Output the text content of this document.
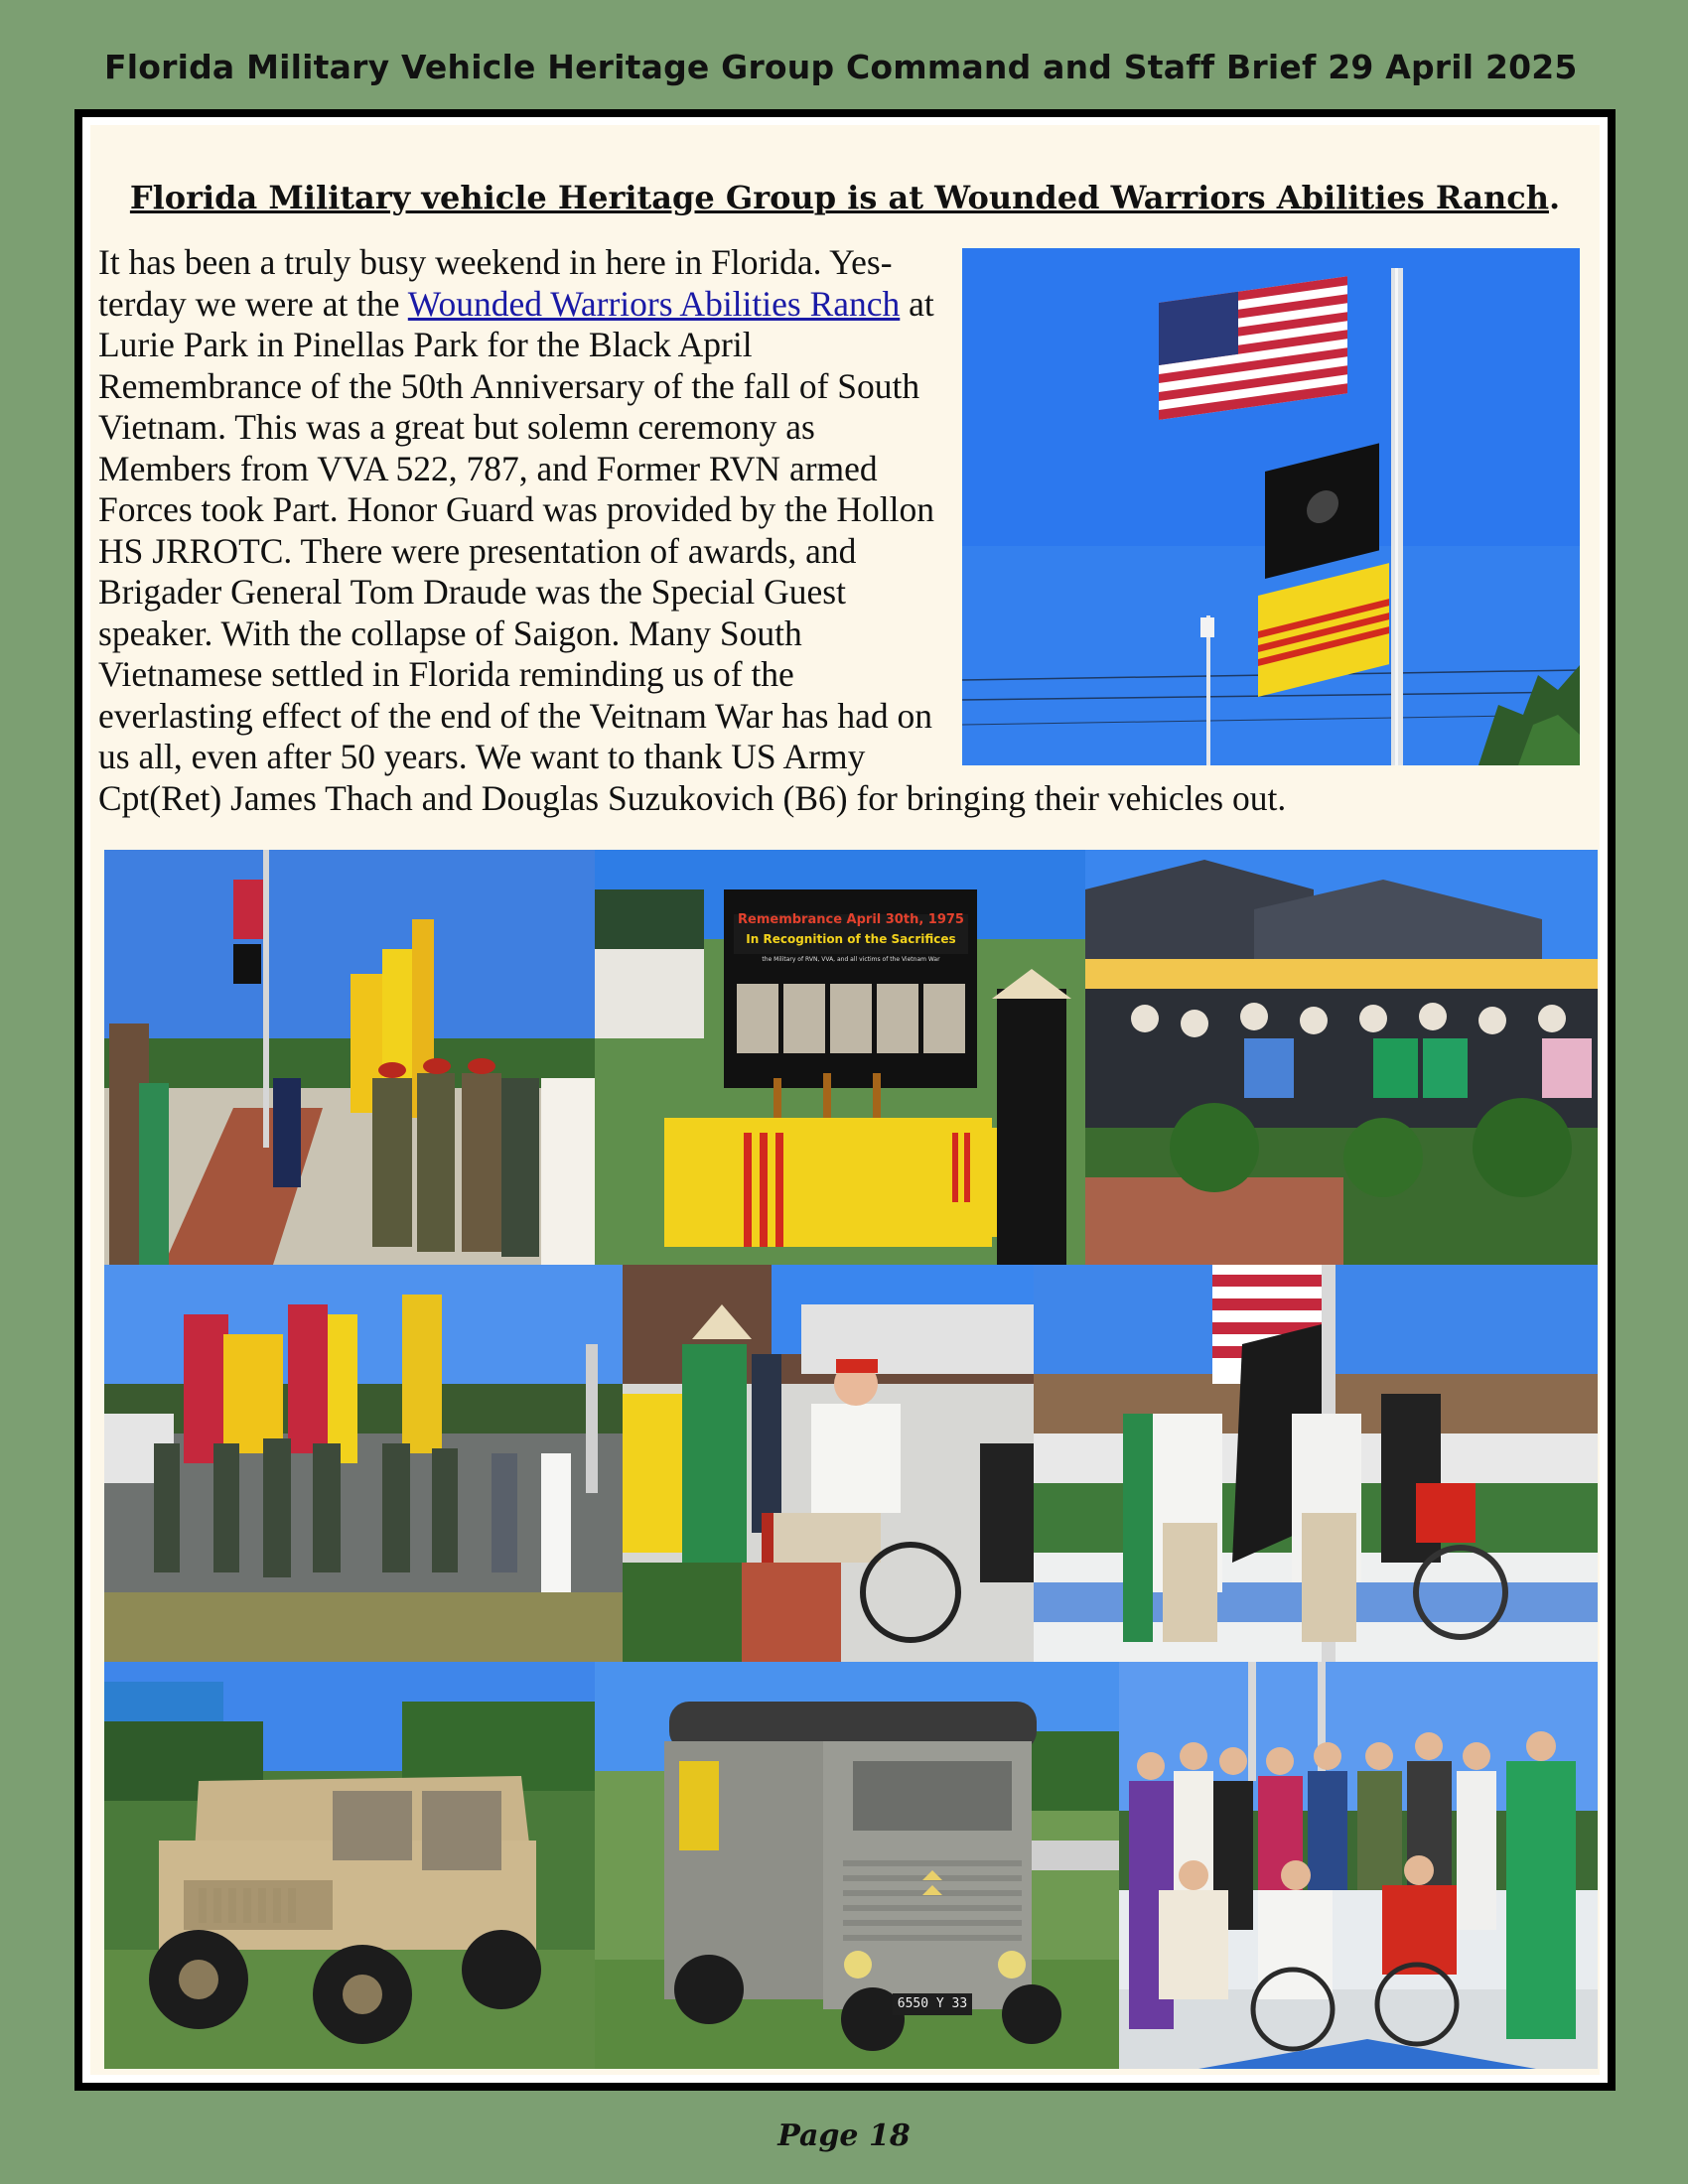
Florida Military Vehicle Heritage Group Command and Staff Brief 29 April 2025
Florida Military vehicle Heritage Group is at Wounded Warriors Abilities Ranch.
It has been a truly busy weekend in here in Florida. Yesterday we were at the Wounded Warriors Abilities Ranch at Lurie Park in Pinellas Park for the Black April Remembrance of the 50th Anniversary of the fall of South Vietnam. This was a great but solemn ceremony as Members from VVA 522, 787, and Former RVN armed Forces took Part. Honor Guard was provided by the Hollon HS JRROTC. There were presentation of awards, and Brigader General Tom Draude was the Special Guest speaker. With the collapse of Saigon. Many South Vietnamese settled in Florida reminding us of the everlasting effect of the end of the Veitnam War has had on us all, even after 50 years. We want to thank US Army Cpt(Ret) James Thach and Douglas Suzukovich (B6) for bringing their vehicles out.
Remembrance April 30th, 1975
In Recognition of the Sacrifices
the Military of RVN, VVA, and all victims of the Vietnam War
6550 Y 33
Page 18
